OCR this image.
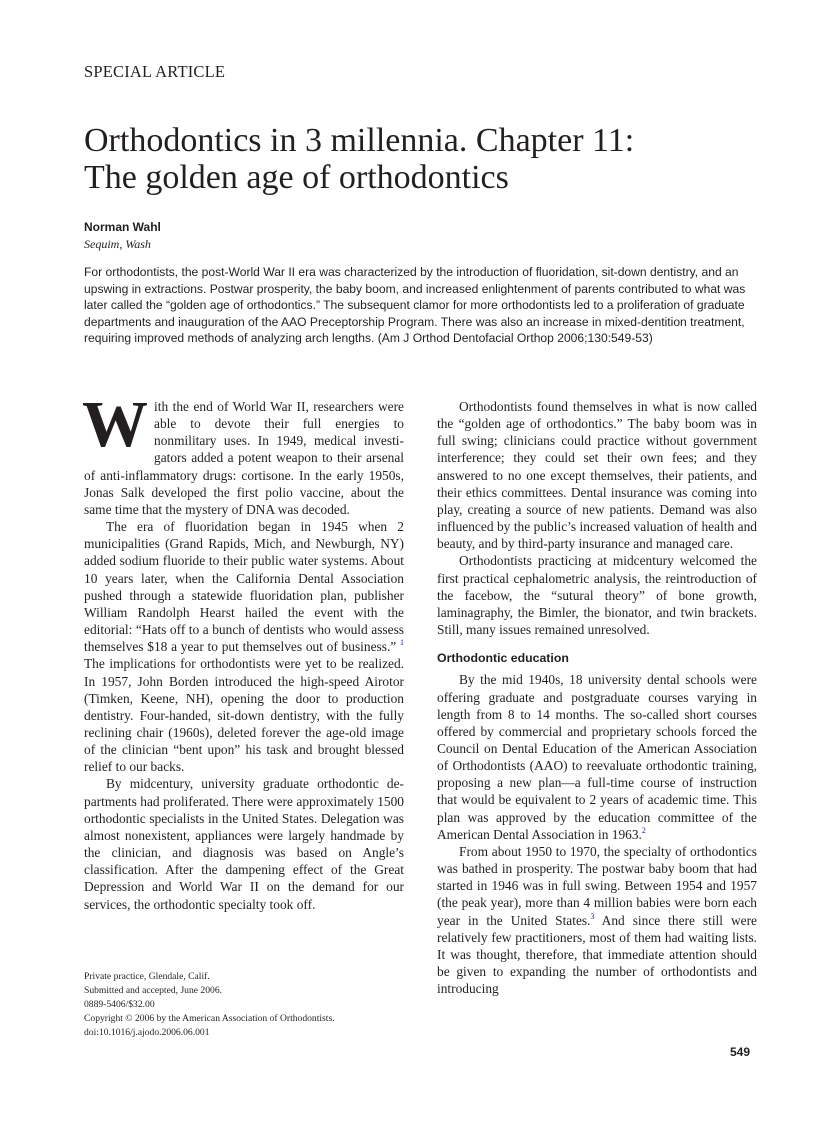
SPECIAL ARTICLE
Orthodontics in 3 millennia. Chapter 11:
The golden age of orthodontics
Norman Wahl
Sequim, Wash

For orthodontists, the post-World War II era was characterized by the introduction of fluoridation, sit-down dentistry, and an upswing in extractions. Postwar prosperity, the baby boom, and increased enlightenment of parents contributed to what was later called the “golden age of orthodontics.” The subsequent clamor for more orthodontists led to a proliferation of graduate departments and inauguration of the AAO Preceptorship Program. There was also an increase in mixed-dentition treatment, requiring improved methods of analyzing arch lengths. (Am J Orthod Dentofacial Orthop 2006;130:549-53)

With the end of World War II, researchers were able to devote their full energies to nonmilitary uses. In 1949, medical investigators added a potent weapon to their arsenal of anti-inflammatory drugs: cortisone. In the early 1950s, Jonas Salk developed the first polio vaccine, about the same time that the mystery of DNA was decoded.

The era of fluoridation began in 1945 when 2 municipalities (Grand Rapids, Mich, and Newburgh, NY) added sodium fluoride to their public water systems. About 10 years later, when the California Dental Association pushed through a statewide fluoridation plan, publisher William Randolph Hearst hailed the event with the editorial: “Hats off to a bunch of dentists who would assess themselves $18 a year to put themselves out of business.” $^1$ The implications for orthodontists were yet to be realized. In 1957, John Borden introduced the high-speed Airotor (Timken, Keene, NH), opening the door to production dentistry. Four-handed, sit-down dentistry, with the fully reclining chair (1960s), deleted forever the age-old image of the clinician “bent upon” his task and brought blessed relief to our backs.

By midcentury, university graduate orthodontic departments had proliferated. There were approximately 1500 orthodontic specialists in the United States. Delegation was almost nonexistent, appliances were largely handmade by the clinician, and diagnosis was based on Angle’s classification. After the dampening effect of the Great Depression and World War II on the demand for our services, the orthodontic specialty took off.

Orthodontists found themselves in what is now called the “golden age of orthodontics.” The baby boom was in full swing; clinicians could practice without government interference; they could set their own fees; and they answered to no one except themselves, their patients, and their ethics committees. Dental insurance was coming into play, creating a source of new patients. Demand was also influenced by the public’s increased valuation of health and beauty, and by third-party insurance and managed care.

Orthodontists practicing at midcentury welcomed the first practical cephalometric analysis, the reintroduction of the facebow, the “sutural theory” of bone growth, laminagraphy, the Bimler, the bionator, and twin brackets. Still, many issues remained unresolved.

Orthodontic education

By the mid 1940s, 18 university dental schools were offering graduate and postgraduate courses varying in length from 8 to 14 months. The so-called short courses offered by commercial and proprietary schools forced the Council on Dental Education of the American Association of Orthodontists (AAO) to reevaluate orthodontic training, proposing a new plan—a full-time course of instruction that would be equivalent to 2 years of academic time. This plan was approved by the education committee of the American Dental Association in 1963.$^2$

From about 1950 to 1970, the specialty of orthodontics was bathed in prosperity. The postwar baby boom that had started in 1946 was in full swing. Between 1954 and 1957 (the peak year), more than 4 million babies were born each year in the United States.$^3$ And since there still were relatively few practitioners, most of them had waiting lists. It was thought, therefore, that immediate attention should be given to expanding the number of orthodontists and introducing

Private practice, Glendale, Calif.
Submitted and accepted, June 2006.
0889-5406/$32.00
Copyright © 2006 by the American Association of Orthodontists.
doi:10.1016/j.ajodo.2006.06.001
549
